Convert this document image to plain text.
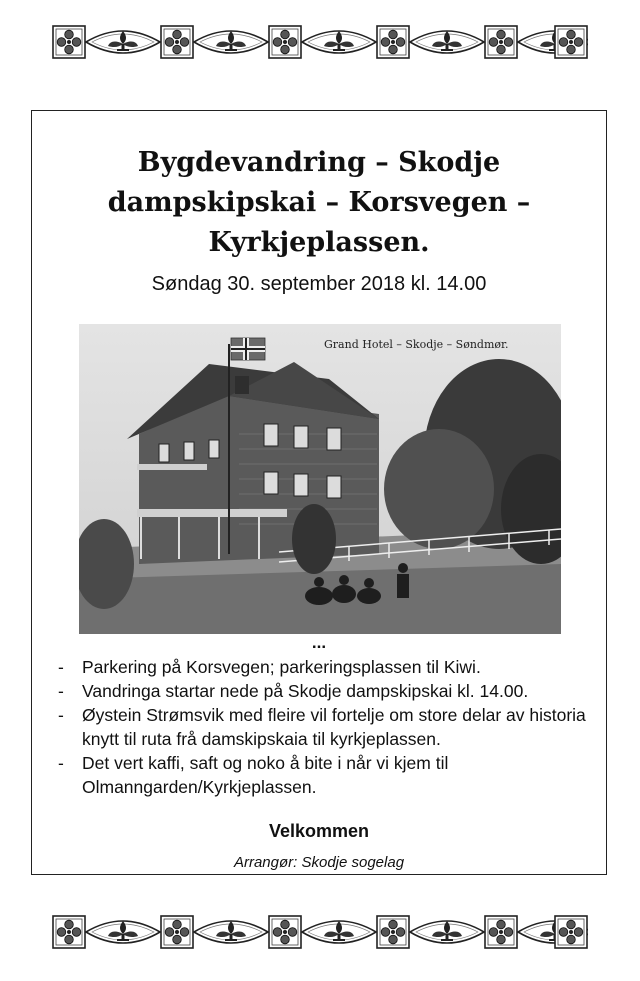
Bygdevandring – Skodje
dampskipskai – Korsvegen –
Kyrkjeplassen.

Søndag 30. september 2018 kl. 14.00

Grand Hotel – Skodje – Søndmør.
...
- Parkering på Korsvegen; parkeringsplassen til Kiwi.
- Vandringa startar nede på Skodje dampskipskai kl. 14.00.
- Øystein Strømsvik med fleire vil fortelje om store delar av historia knytt til ruta frå damskipskaia til kyrkjeplassen.
- Det vert kaffi, saft og noko å bite i når vi kjem til Olmanngarden/Kyrkjeplassen.
Velkommen
Arrangør: Skodje sogelag
